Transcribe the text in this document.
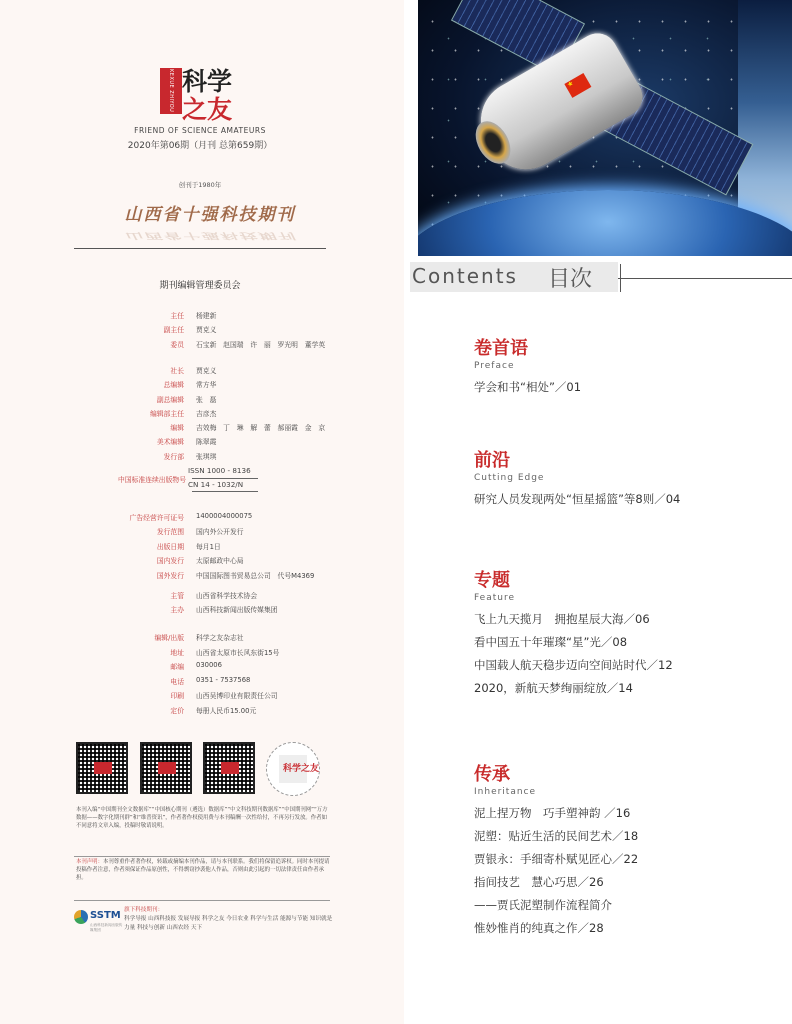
KEXUE ZHIYOU 科学
之友
FRIEND OF SCIENCE AMATEURS
2020年第06期（月刊 总第659期）
创刊于1980年
山西省十强科技期刊
山西省十强科技期刊
期刊编辑管理委员会
主任 杨建新
副主任 贾克义
委员 石宝新　赵国瑞　许　丽　罗光明　董学英
社长 贾克义
总编辑 常方华
副总编辑 张　磊
编辑部主任 吉彦杰
编辑 吉效梅　丁　琳　解　蕾　郝丽霞　金　京
美术编辑 陈翠霞
发行部 张琪琪
广告经营许可证号 1400004000075
发行范围 国内外公开发行
出版日期 每月1日
国内发行 太原邮政中心局
国外发行 中国国际图书贸易总公司　代号M4369
主管 山西省科学技术协会
主办 山西科技新闻出版传媒集团
编辑/出版 科学之友杂志社
地址 山西省太原市长风东街15号
邮编 030006
电话 0351 - 7537568
印刷 山西吴博印业有限责任公司
定价 每册人民币15.00元
中国标准连续出版物号
ISSN 1000 - 8136
CN 14 - 1032/N
科学之友
本刊入编“中国期刊全文数据库”“中国核心期刊（遴选）数据库”“中文科技期刊数据库”“中国期刊网”“万方数据——数字化期刊群”和“维普资讯”，作者著作权使用费与本刊稿酬一次性给付，不再另行发放。作者如不同意将文章入编，投稿时敬请说明。
本刊声明：本刊尊重作者著作权，转载或摘编本刊作品，请与本刊联系。我们将保留追诉权。同时本刊提请投稿作者注意，作者须保证作品原创性，不得剽窃抄袭他人作品，否则由此引起的一切法律责任由作者承担。
SSTM
山西科技新闻出版传媒集团
旗下科技期刊：
科学导报 山西科技报 发展导报 科学之友 今日农业 科学与生活 能源与节能 知识就是力量 科技与创新 山西农经 天下
★
Contents 目次
卷首语
Preface
学会和书“相处”／01
前沿
Cutting Edge
研究人员发现两处“恒星摇篮”等8则／04
专题
Feature
飞上九天揽月　拥抱星辰大海／06
看中国五十年璀璨“星”光／08
中国载人航天稳步迈向空间站时代／12
2020，新航天梦绚丽绽放／14
传承
Inheritance
泥上捏万物　巧手塑神韵 ／16
泥塑：贴近生活的民间艺术／18
贾银永：手细寄朴赋见匠心／22
指间技艺　慧心巧思／26
——贾氏泥塑制作流程简介
惟妙惟肖的纯真之作／28
